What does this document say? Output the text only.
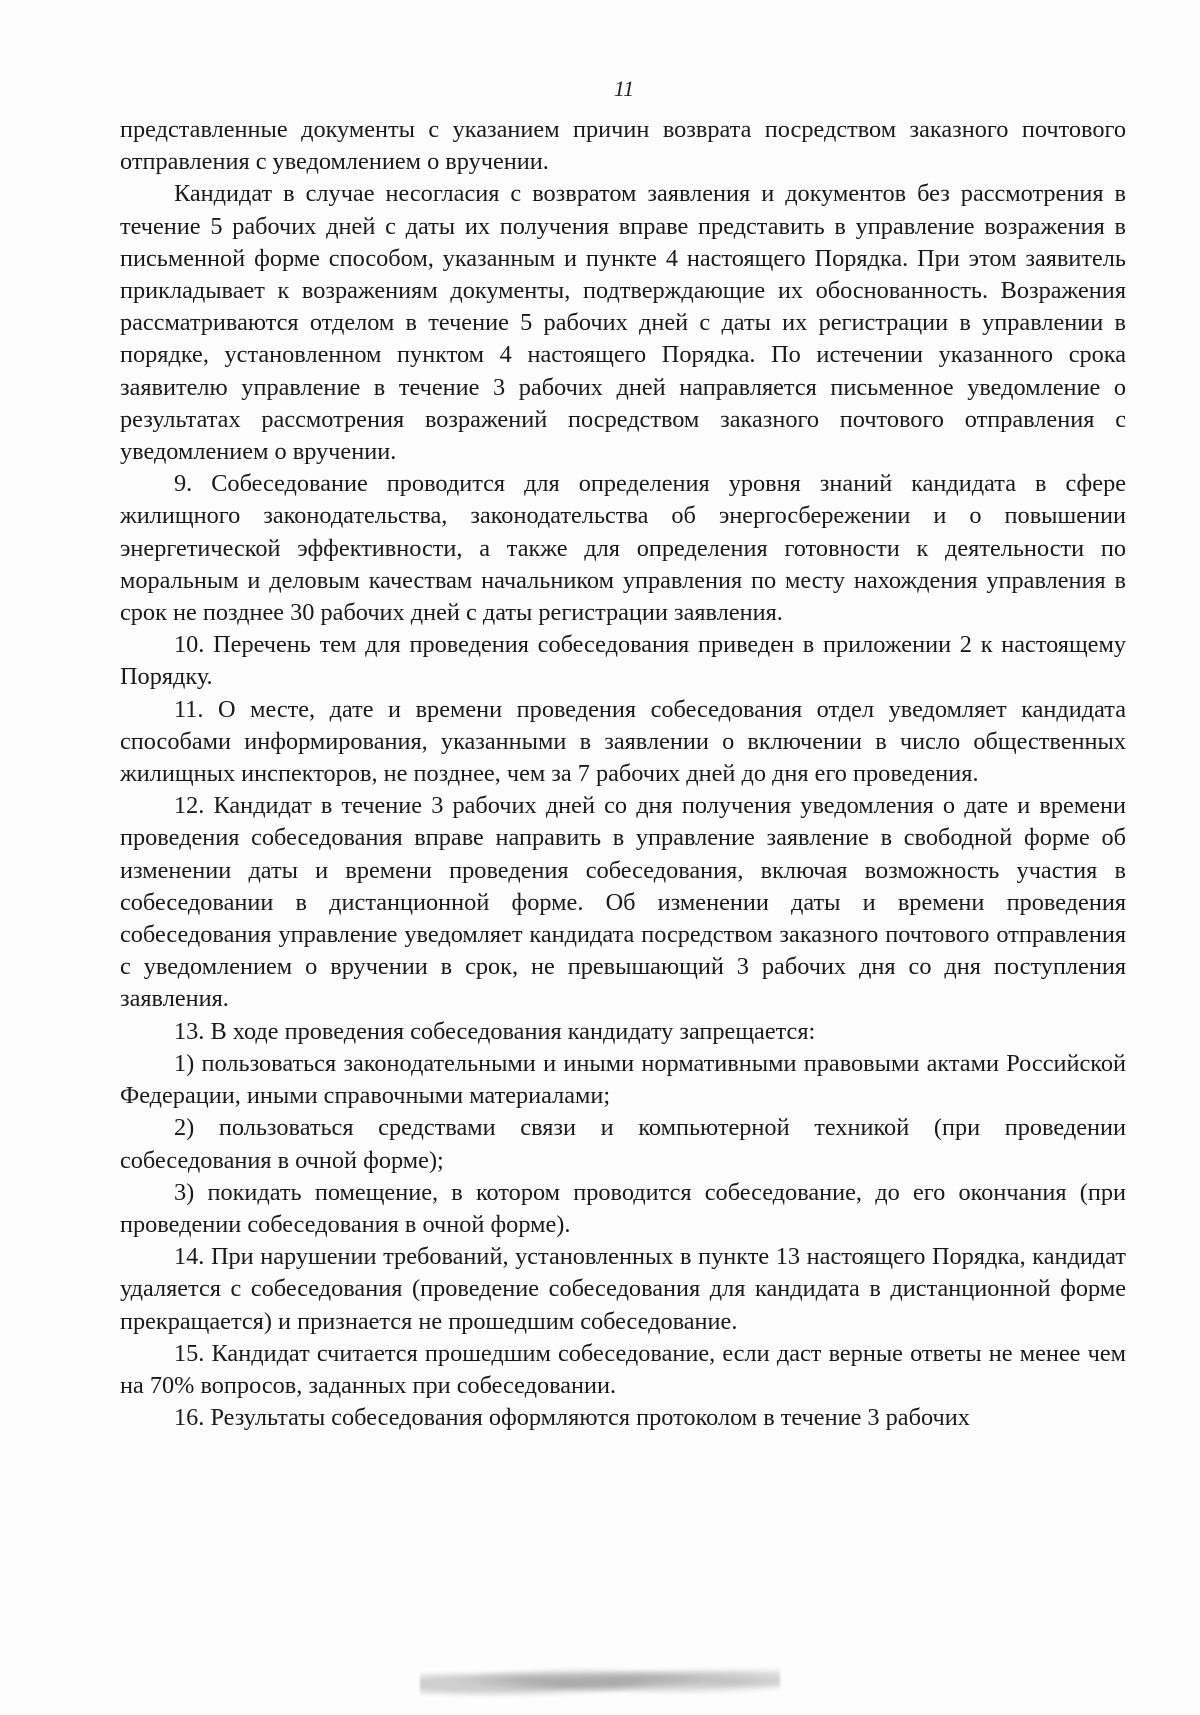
11

представленные документы с указанием причин возврата посредством заказного почтового отправления с уведомлением о вручении.

Кандидат в случае несогласия с возвратом заявления и документов без рассмотрения в течение 5 рабочих дней с даты их получения вправе представить в управление возражения в письменной форме способом, указанным и пункте 4 настоящего Порядка. При этом заявитель прикладывает к возражениям документы, подтверждающие их обоснованность. Возражения рассматриваются отделом в течение 5 рабочих дней с даты их регистрации в управлении в порядке, установленном пунктом 4 настоящего Порядка. По истечении указанного срока заявителю управление в течение 3 рабочих дней направляется письменное уведомление о результатах рассмотрения возражений посредством заказного почтового отправления с уведомлением о вручении.

9. Собеседование проводится для определения уровня знаний кандидата в сфере жилищного законодательства, законодательства об энергосбережении и о повышении энергетической эффективности, а также для определения готовности к деятельности по моральным и деловым качествам начальником управления по месту нахождения управления в срок не позднее 30 рабочих дней с даты регистрации заявления.

10. Перечень тем для проведения собеседования приведен в приложении 2 к настоящему Порядку.

11. О месте, дате и времени проведения собеседования отдел уведомляет кандидата способами информирования, указанными в заявлении о включении в число общественных жилищных инспекторов, не позднее, чем за 7 рабочих дней до дня его проведения.

12. Кандидат в течение 3 рабочих дней со дня получения уведомления о дате и времени проведения собеседования вправе направить в управление заявление в свободной форме об изменении даты и времени проведения собеседования, включая возможность участия в собеседовании в дистанционной форме. Об изменении даты и времени проведения собеседования управление уведомляет кандидата посредством заказного почтового отправления с уведомлением о вручении в срок, не превышающий 3 рабочих дня со дня поступления заявления.

13. В ходе проведения собеседования кандидату запрещается:

1) пользоваться законодательными и иными нормативными правовыми актами Российской Федерации, иными справочными материалами;

2) пользоваться средствами связи и компьютерной техникой (при проведении собеседования в очной форме);

3) покидать помещение, в котором проводится собеседование, до его окончания (при проведении собеседования в очной форме).

14. При нарушении требований, установленных в пункте 13 настоящего Порядка, кандидат удаляется с собеседования (проведение собеседования для кандидата в дистанционной форме прекращается) и признается не прошедшим собеседование.

15. Кандидат считается прошедшим собеседование, если даст верные ответы не менее чем на 70% вопросов, заданных при собеседовании.

16. Результаты собеседования оформляются протоколом в течение 3 рабочих
